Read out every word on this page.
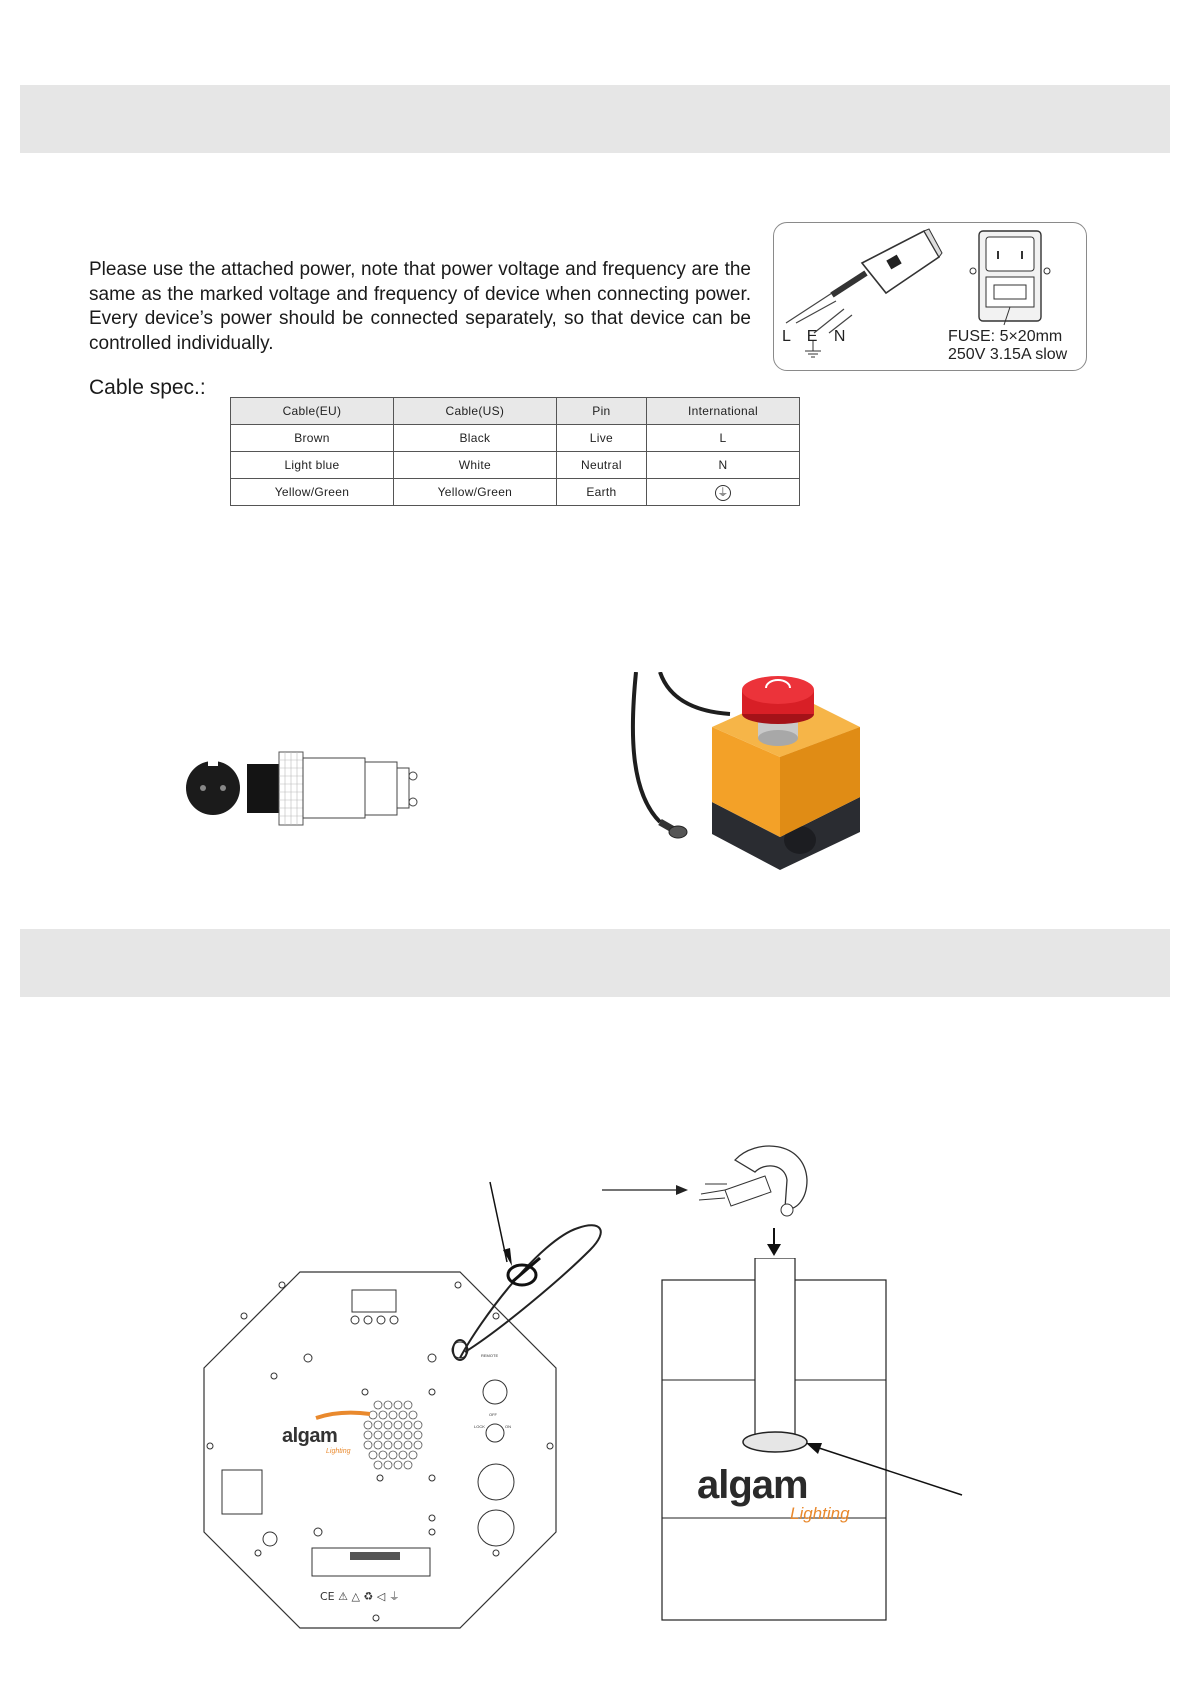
Please use the attached power, note that power voltage and frequency are the same as the marked voltage and frequency of device when connecting power. Every device’s power should be connected separately, so that device can be controlled individually.	L E N	FUSE: 5×20mm
250V 3.15A slow
Cable spec.:
Cable(EU)	Cable(US)	Pin	International
Brown	Black	Live	L
Light blue	White	Neutral	N
Yellow/Green	Yellow/Green	Earth	⏚
CE ⚠ △ ♻ ◁ ⏚
REMOTE
OFF
LOCK	ON
algam
Lighting
algam
Lighting
